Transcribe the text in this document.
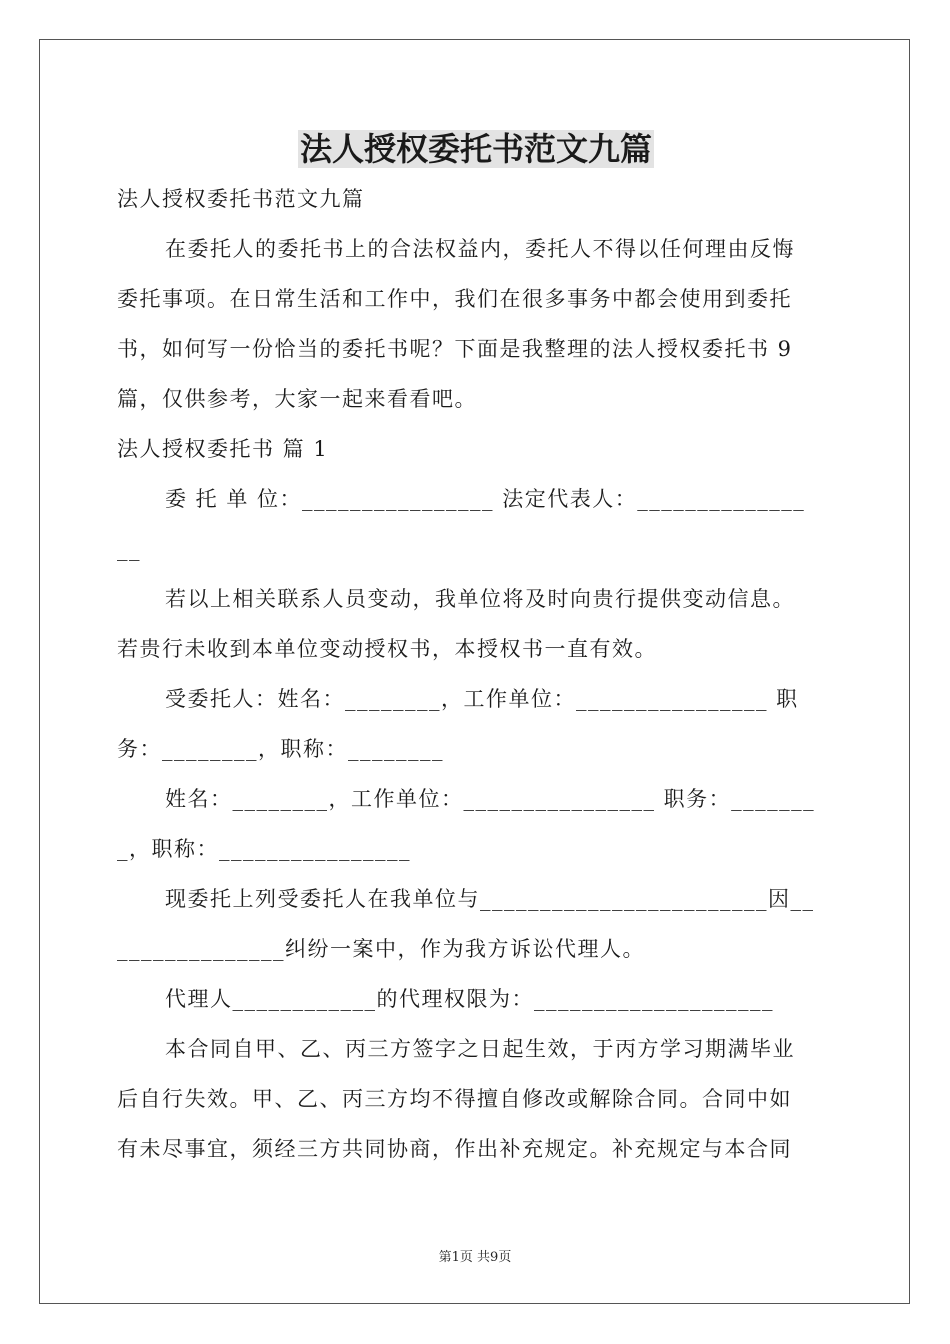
法人授权委托书范文九篇
法人授权委托书范文九篇
在委托人的委托书上的合法权益内，委托人不得以任何理由反悔
委托事项。在日常生活和工作中，我们在很多事务中都会使用到委托
书，如何写一份恰当的委托书呢？下面是我整理的法人授权委托书 9
篇，仅供参考，大家一起来看看吧。
法人授权委托书 篇 1
委 托 单 位：________________ 法定代表人：______________
__
若以上相关联系人员变动，我单位将及时向贵行提供变动信息。
若贵行未收到本单位变动授权书，本授权书一直有效。
受委托人：姓名：________，工作单位：________________ 职
务：________，职称：________
姓名：________，工作单位：________________ 职务：_______
_，职称：________________
现委托上列受委托人在我单位与________________________因__
______________纠纷一案中，作为我方诉讼代理人。
代理人____________的代理权限为：____________________
本合同自甲、乙、丙三方签字之日起生效，于丙方学习期满毕业
后自行失效。甲、乙、丙三方均不得擅自修改或解除合同。合同中如
有未尽事宜，须经三方共同协商，作出补充规定。补充规定与本合同
第1页 共9页
